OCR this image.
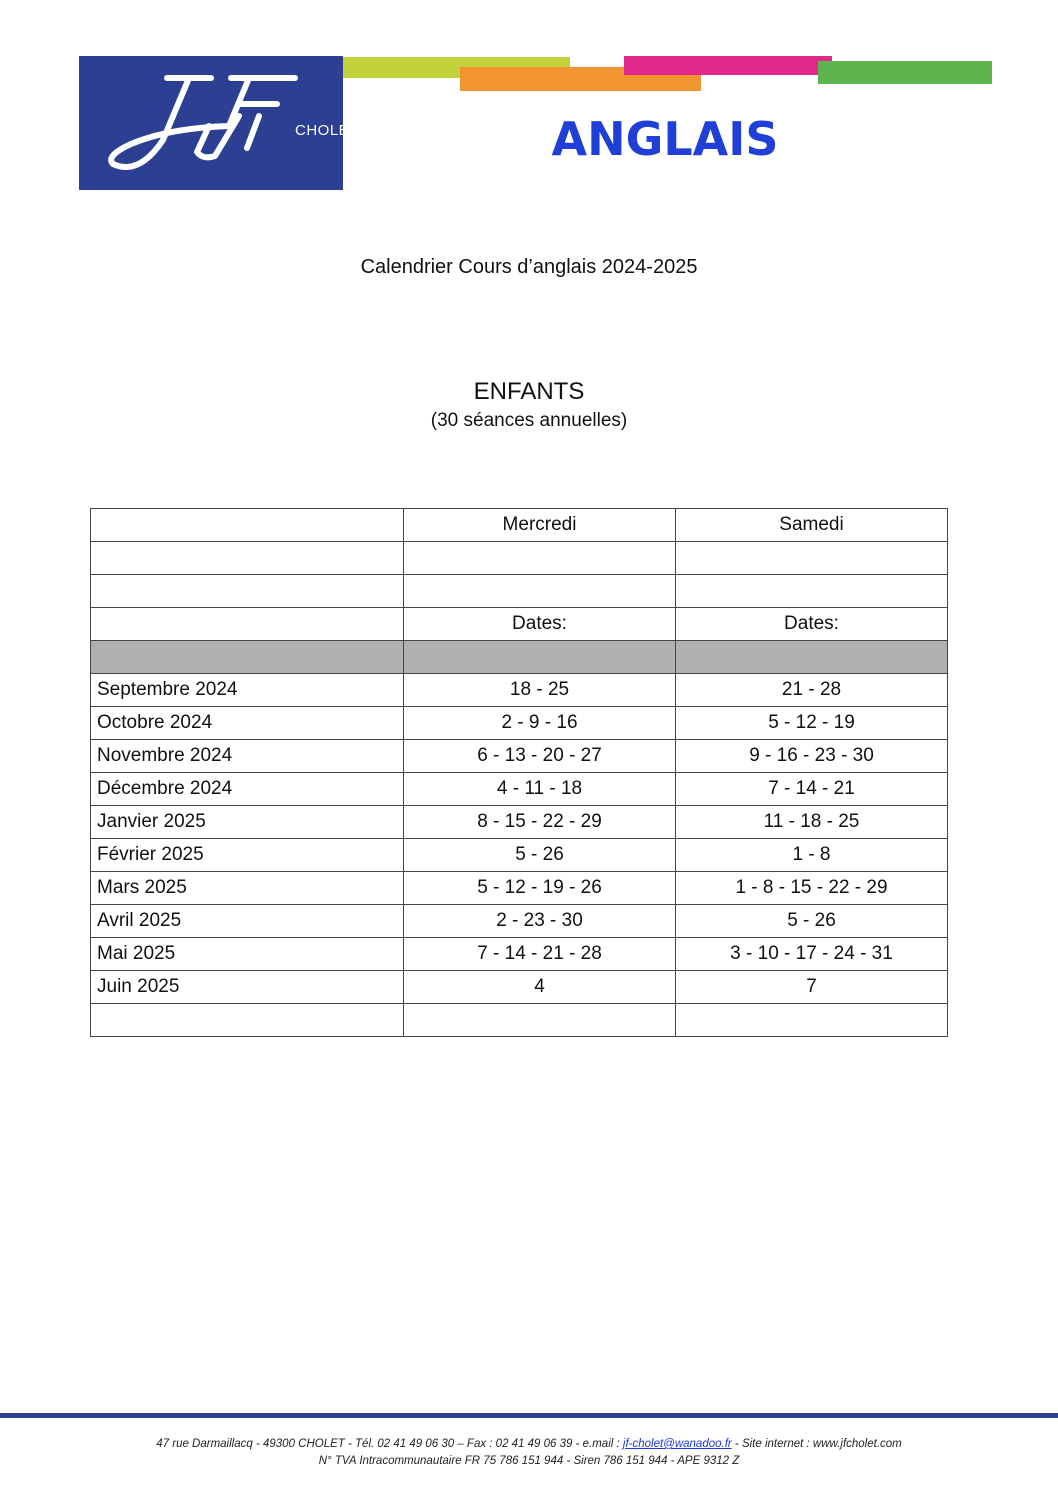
CHOLET	ANGLAIS
Calendrier Cours d’anglais 2024-2025
ENFANTS
(30 séances annuelles)
	Mercredi	Samedi

	Dates:	Dates:

Septembre 2024	18 - 25	21 - 28
Octobre 2024	2 - 9 - 16	5 - 12 - 19
Novembre 2024	6 - 13 - 20 - 27	9 - 16 - 23 - 30
Décembre 2024	4 - 11 - 18	7 - 14 - 21
Janvier 2025	8 - 15 - 22 - 29	11 - 18 - 25
Février 2025	5 - 26	1 - 8
Mars 2025	5 - 12 - 19 - 26	1 - 8 - 15 - 22 - 29
Avril 2025	2 - 23 - 30	5 - 26
Mai 2025	7 - 14 - 21 - 28	3 - 10 - 17 - 24 - 31
Juin 2025	4	7

47 rue Darmaillacq - 49300 CHOLET - Tél. 02 41 49 06 30 – Fax : 02 41 49 06 39 - e.mail : jf-cholet@wanadoo.fr - Site internet : www.jfcholet.com
N° TVA Intracommunautaire FR 75 786 151 944 - Siren 786 151 944 - APE 9312 Z
